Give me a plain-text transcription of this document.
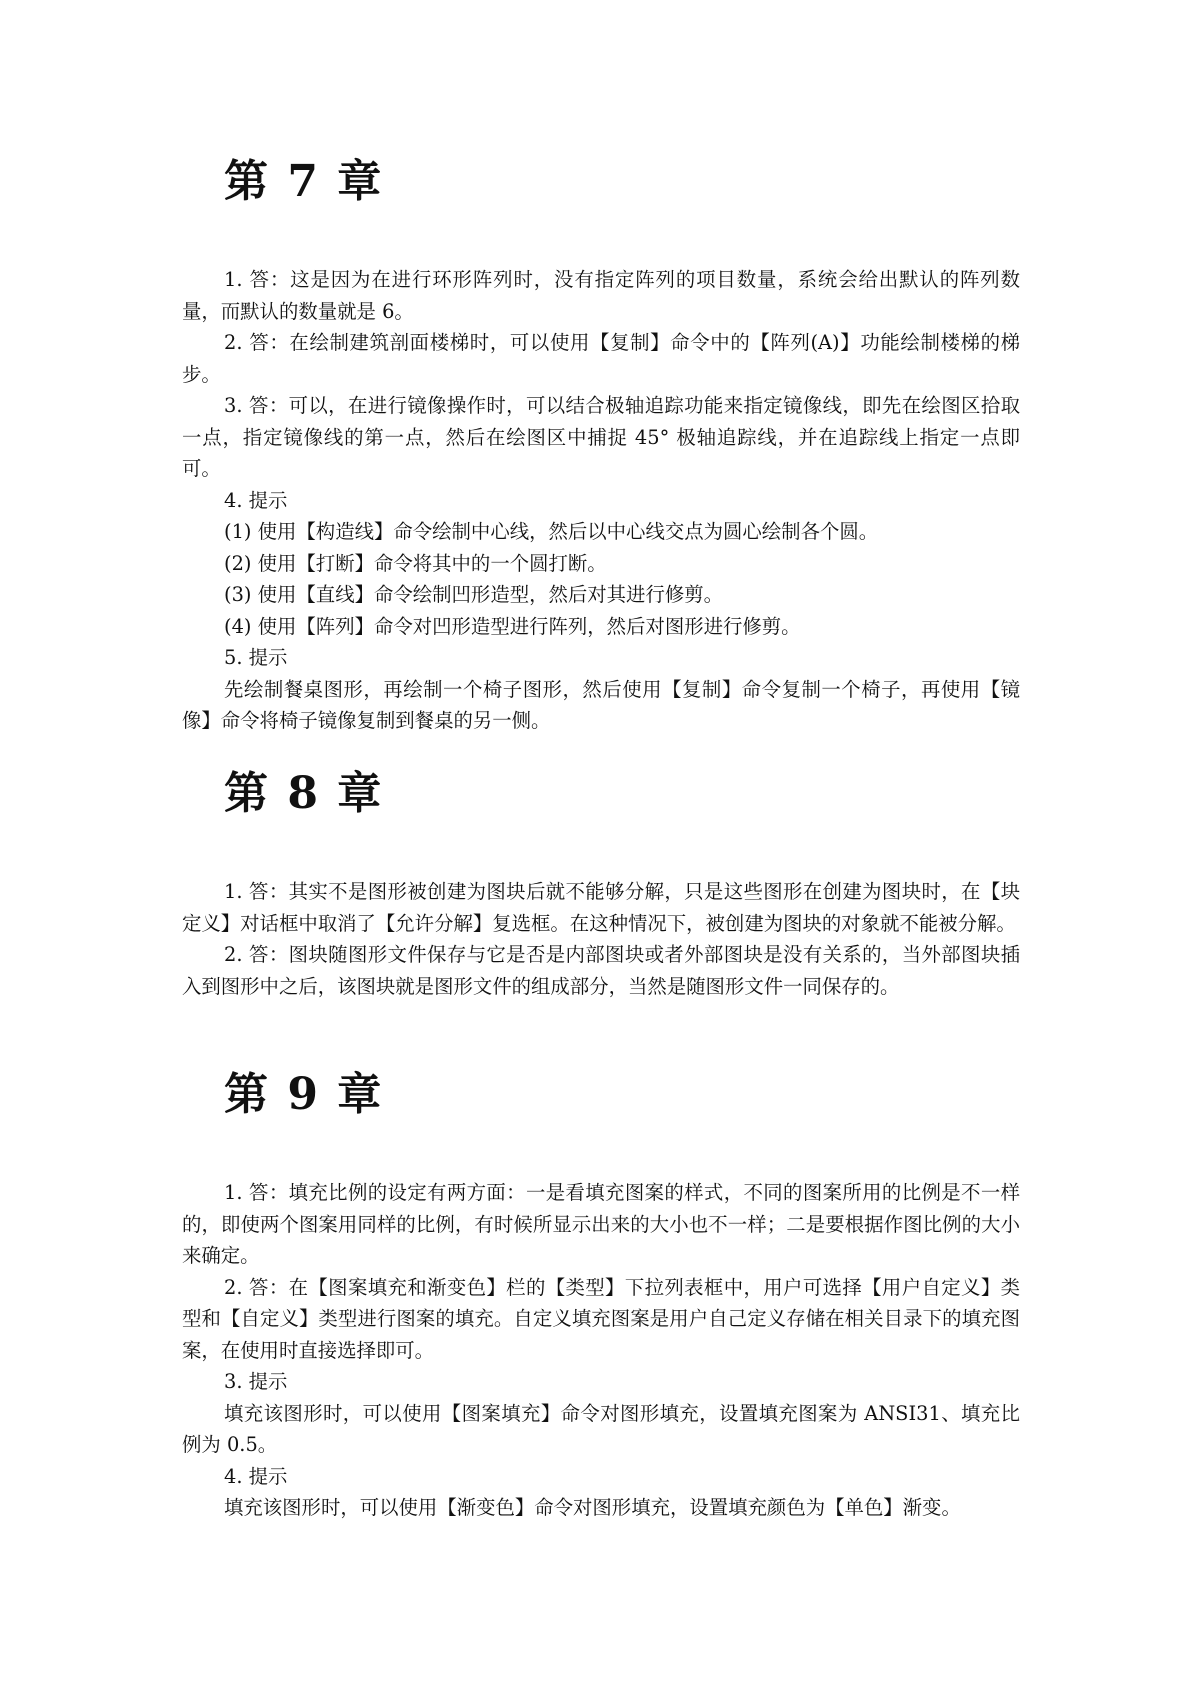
第 7 章

1. 答：这是因为在进行环形阵列时，没有指定阵列的项目数量，系统会给出默认的阵列数量，而默认的数量就是 6。

2. 答：在绘制建筑剖面楼梯时，可以使用【复制】命令中的【阵列(A)】功能绘制楼梯的梯步。

3. 答：可以，在进行镜像操作时，可以结合极轴追踪功能来指定镜像线，即先在绘图区拾取一点，指定镜像线的第一点，然后在绘图区中捕捉 45° 极轴追踪线，并在追踪线上指定一点即可。

4. 提示

(1) 使用【构造线】命令绘制中心线，然后以中心线交点为圆心绘制各个圆。

(2) 使用【打断】命令将其中的一个圆打断。

(3) 使用【直线】命令绘制凹形造型，然后对其进行修剪。

(4) 使用【阵列】命令对凹形造型进行阵列，然后对图形进行修剪。

5. 提示

先绘制餐桌图形，再绘制一个椅子图形，然后使用【复制】命令复制一个椅子，再使用【镜像】命令将椅子镜像复制到餐桌的另一侧。

第 8 章

1. 答：其实不是图形被创建为图块后就不能够分解，只是这些图形在创建为图块时，在【块定义】对话框中取消了【允许分解】复选框。在这种情况下，被创建为图块的对象就不能被分解。

2. 答：图块随图形文件保存与它是否是内部图块或者外部图块是没有关系的，当外部图块插入到图形中之后，该图块就是图形文件的组成部分，当然是随图形文件一同保存的。

第 9 章

1. 答：填充比例的设定有两方面：一是看填充图案的样式，不同的图案所用的比例是不一样的，即使两个图案用同样的比例，有时候所显示出来的大小也不一样；二是要根据作图比例的大小来确定。

2. 答：在【图案填充和渐变色】栏的【类型】下拉列表框中，用户可选择【用户自定义】类型和【自定义】类型进行图案的填充。自定义填充图案是用户自己定义存储在相关目录下的填充图案，在使用时直接选择即可。

3. 提示

填充该图形时，可以使用【图案填充】命令对图形填充，设置填充图案为 ANSI31、填充比例为 0.5。

4. 提示

填充该图形时，可以使用【渐变色】命令对图形填充，设置填充颜色为【单色】渐变。
